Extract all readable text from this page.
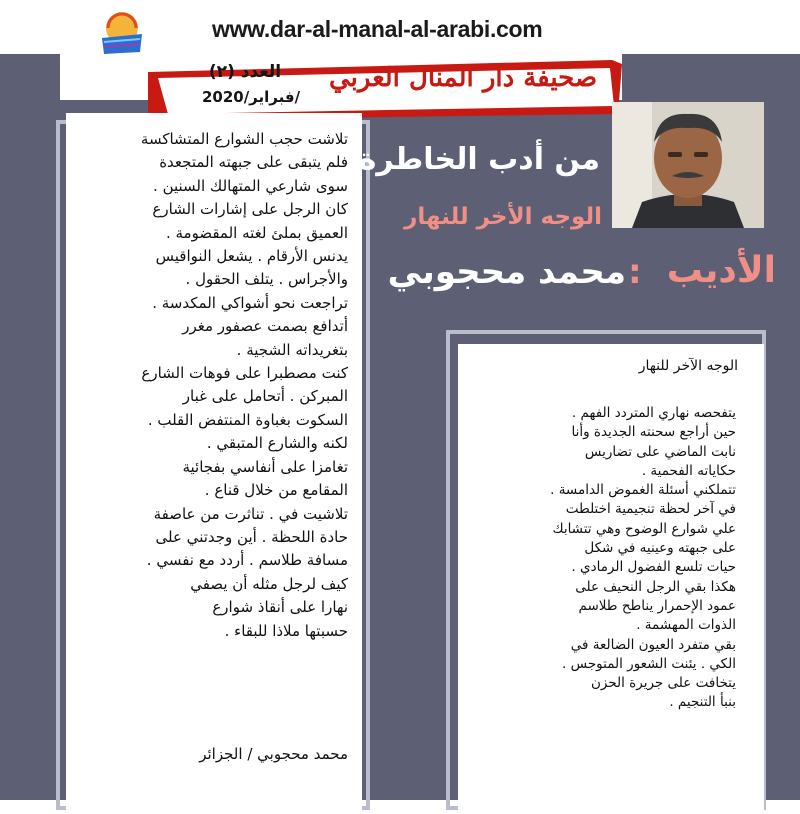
www.dar-al-manal-al-arabi.com
صحيفة دار المنال العربي
العدد (٢)
فبراير/2020/
تلاشت حجب الشوارع المتشاكسة
فلم يتبقى على جبهته المتجعدة
سوى شارعي المتهالك السنين .
كان الرجل على إشارات الشارع
العميق بملئ لغته المقضومة .
يدنس الأرقام . يشعل النواقيس
والأجراس . يتلف الحقول .
تراجعت نحو أشواكي المكدسة .
أتدافع بصمت عصفور مغرر
بتغريداته الشجية .
كنت مصطبرا على فوهات الشارع
المبركن . أتحامل على غبار
السكوت بغباوة المنتفض القلب .
لكنه والشارع المتبقي .
تغامزا على أنفاسي بفجائية
المقامع من خلال قناع .
تلاشيت في . تناثرت من عاصفة
حادة اللحظة . أين وجدتني على
مسافة طلاسم . أردد مع نفسي .
كيف لرجل مثله أن يصفي
نهارا على أنقاذ شوارع
حسبتها ملاذا للبقاء .
محمد محجوبي / الجزائر
من أدب الخاطرة
الوجه الأخر للنهار
الأديب
:
محمد محجوبي
الوجه الآخر للنهار
يتفحصه نهاري المتردد الفهم .
حين أراجع سحنته الجديدة وأنا
نابت الماضي على تضاريس
حكاياته الفحمية .
تتملكني أسئلة الغموض الدامسة .
في آخر لحظة تنجيمية اختلطت
علي شوارع الوضوح وهي تتشابك
على جبهته وعينيه في شكل
حيات تلسع الفضول الرمادي .
هكذا بقي الرجل النحيف على
عمود الإحمرار يناطح طلاسم
الذوات المهشمة .
بقي متفرد العيون الضالعة في
الكي . يئنت الشعور المتوجس .
يتخافت على جريرة الحزن
بنبأ التنجيم .
